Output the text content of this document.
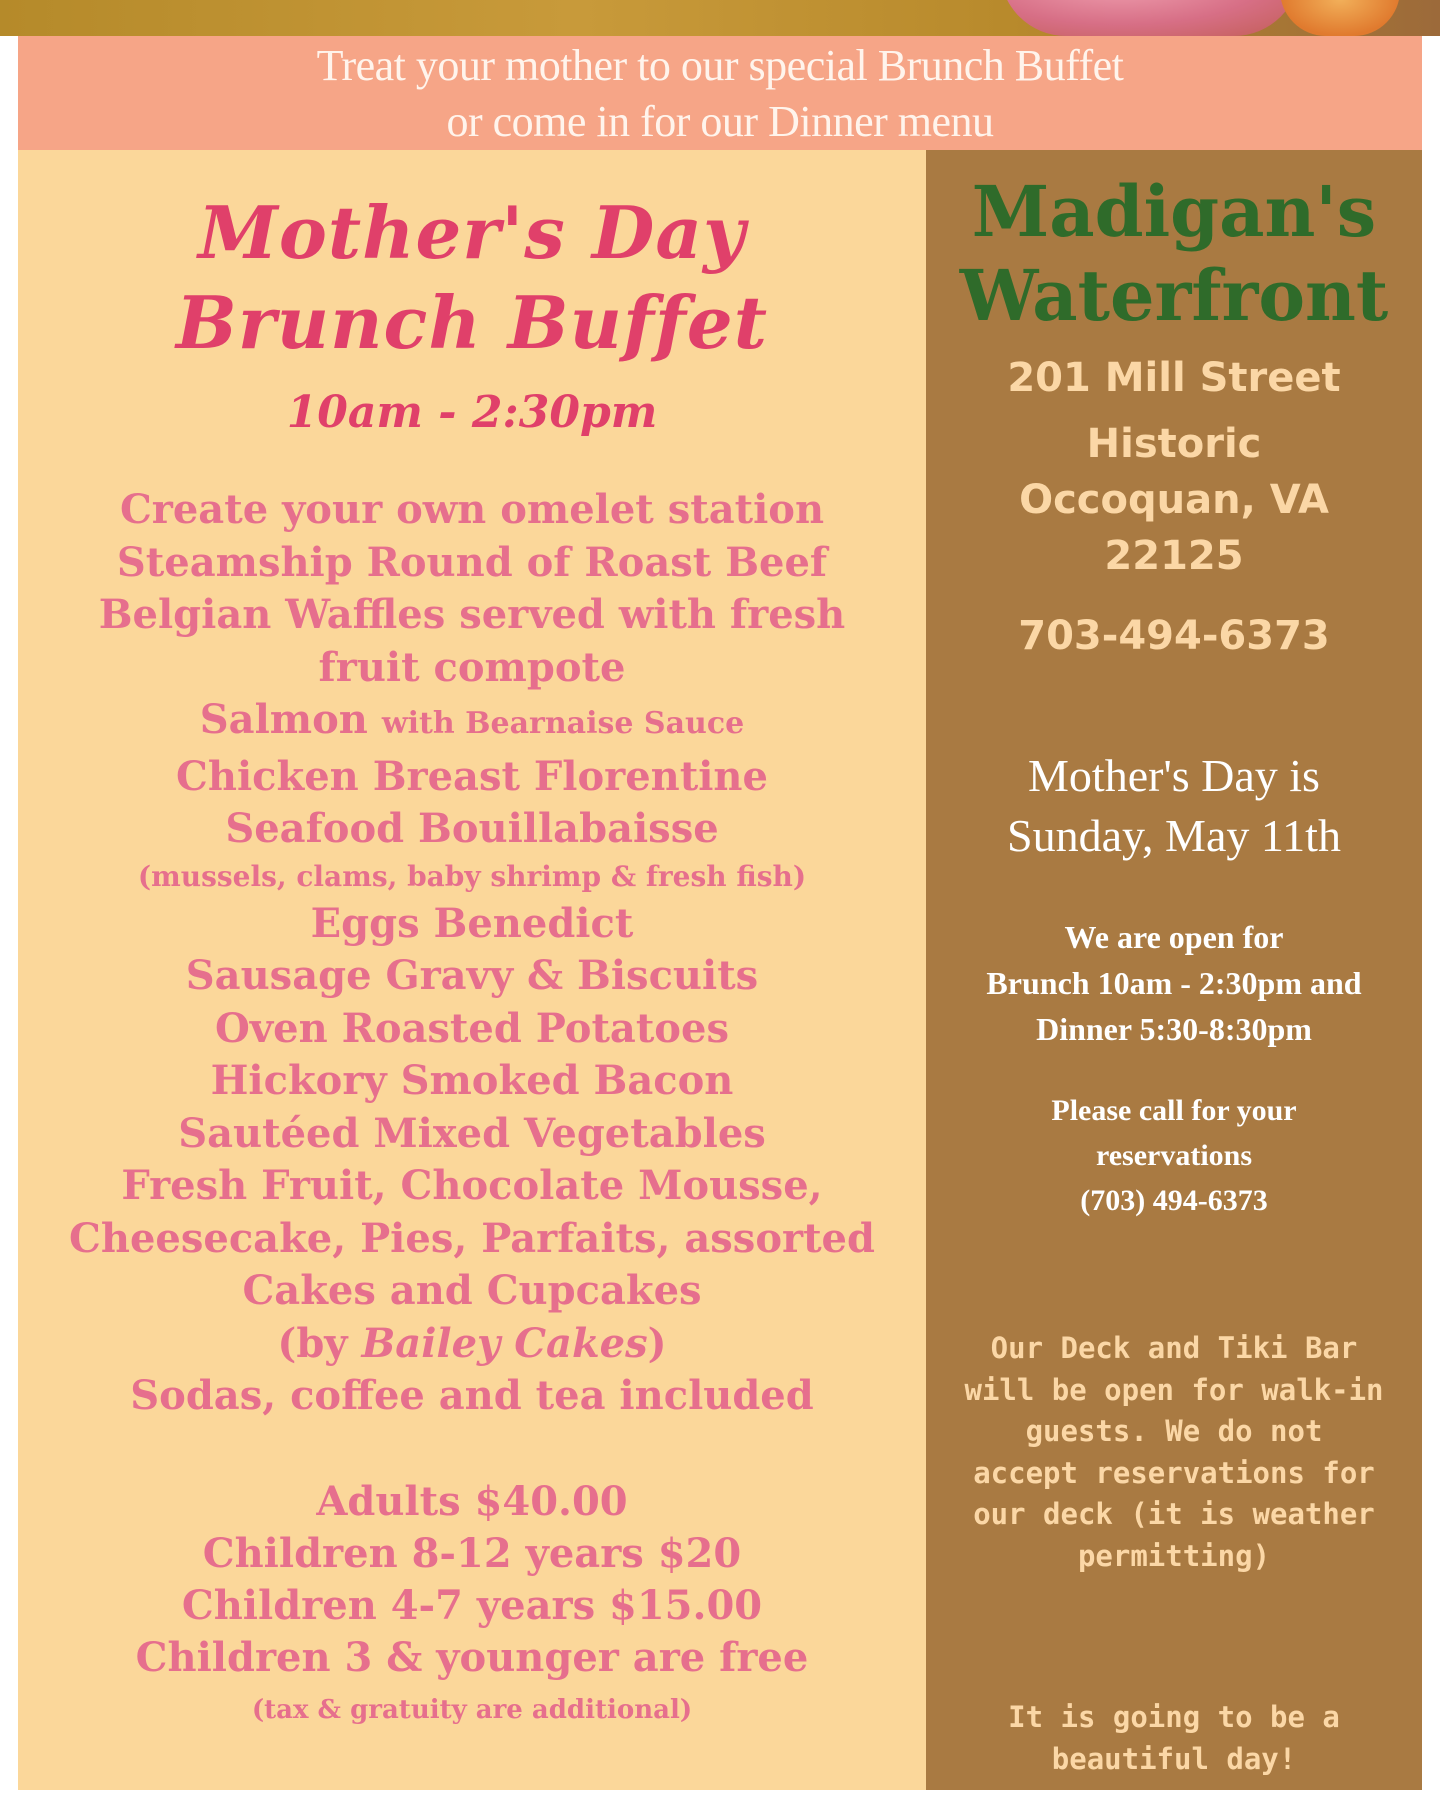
Treat your mother to our special Brunch Buffet
or come in for our Dinner menu
Mother's Day
Brunch Buffet
10am - 2:30pm
Create your own omelet station
Steamship Round of Roast Beef
Belgian Waffles served with fresh
fruit compote
Salmon with Bearnaise Sauce
Chicken Breast Florentine
Seafood Bouillabaisse
(mussels, clams, baby shrimp & fresh fish)
Eggs Benedict
Sausage Gravy & Biscuits
Oven Roasted Potatoes
Hickory Smoked Bacon
Sautéed Mixed Vegetables
Fresh Fruit, Chocolate Mousse,
Cheesecake, Pies, Parfaits, assorted
Cakes and Cupcakes
(by Bailey Cakes)
Sodas, coffee and tea included
Adults $40.00
Children 8-12 years $20
Children 4-7 years $15.00
Children 3 & younger are free
(tax & gratuity are additional)
Madigan's
Waterfront
201 Mill Street
Historic
Occoquan, VA
22125
703-494-6373
Mother's Day is
Sunday, May 11th
We are open for
Brunch 10am - 2:30pm and
Dinner 5:30-8:30pm
Please call for your
reservations
(703) 494-6373
Our Deck and Tiki Bar
will be open for walk-in
guests. We do not
accept reservations for
our deck (it is weather
permitting)
It is going to be a
beautiful day!
